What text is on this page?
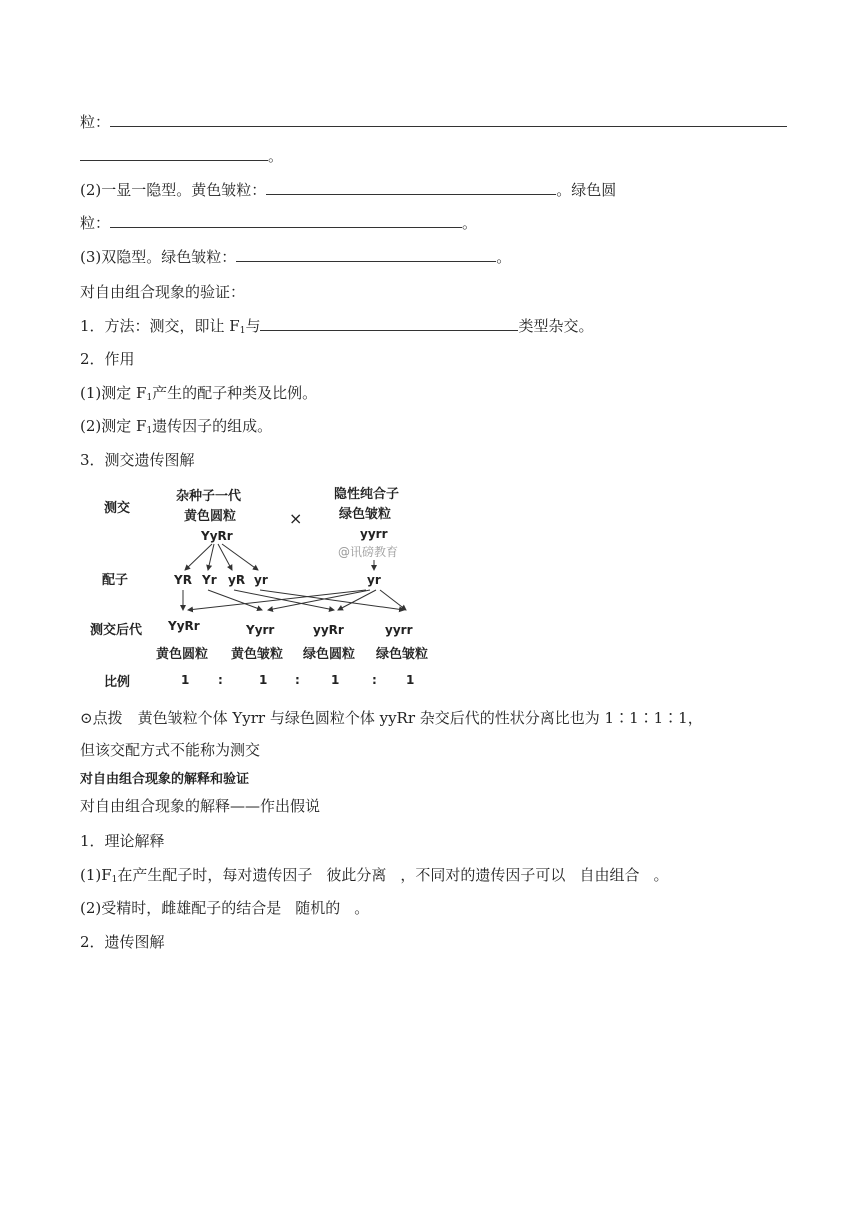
粒：
。
(2)一显一隐型。黄色皱粒：	。绿色圆
粒：	。
(3)双隐型。绿色皱粒：	。
对自由组合现象的验证：
1．方法：测交，即让 $F_1$与	类型杂交。
2．作用
(1)测定 $F_1$产生的配子种类及比例。
(2)测定 $F_1$遗传因子的组成。
3．测交遗传图解
测交
杂种子一代
黄色圆粒
YyRr
×
隐性纯合子
绿色皱粒
yyrr
@讯磅教育
配子	YR Yr yR yr	yr
测交后代 YyRr	Yyrr	yyRr	yyrr
黄色圆粒 黄色皱粒 绿色圆粒 绿色皱粒
比例	1 :	1 :	1	: 1
⊙点拨　黄色皱粒个体 Yyrr 与绿色圆粒个体 yyRr 杂交后代的性状分离比也为 1∶1∶1∶1，
但该交配方式不能称为测交
对自由组合现象的解释和验证
对自由组合现象的解释——作出假说
1．理论解释
$(1)F_1$在产生配子时，每对遗传因子 彼此分离 ，不同对的遗传因子可以 自由组合 。
(2)受精时，雌雄配子的结合是 随机的 。
2．遗传图解
